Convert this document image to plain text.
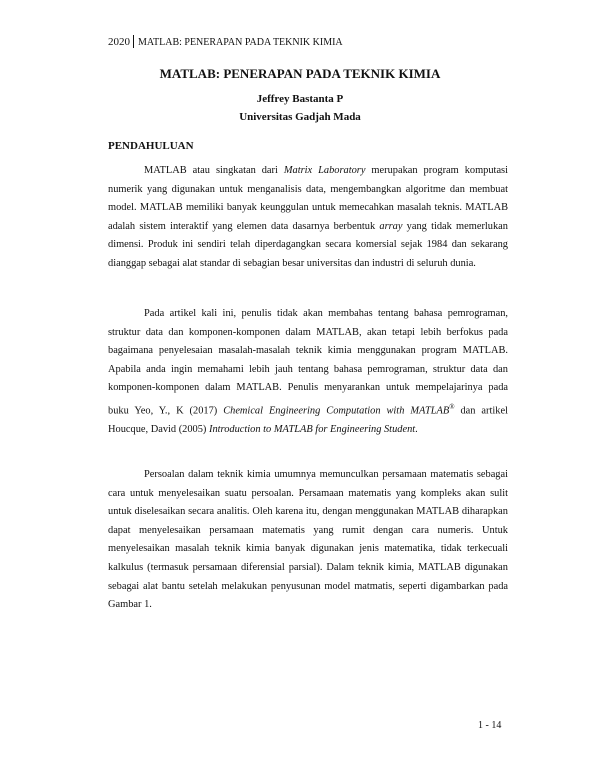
2020 MATLAB: PENERAPAN PADA TEKNIK KIMIA
MATLAB: PENERAPAN PADA TEKNIK KIMIA
Jeffrey Bastanta P
Universitas Gadjah Mada
PENDAHULUAN

MATLAB atau singkatan dari Matrix Laboratory merupakan program komputasi numerik yang digunakan untuk menganalisis data, mengembangkan algoritme dan membuat model. MATLAB memiliki banyak keunggulan untuk memecahkan masalah teknis. MATLAB adalah sistem interaktif yang elemen data dasarnya berbentuk array yang tidak memerlukan dimensi. Produk ini sendiri telah diperdagangkan secara komersial sejak 1984 dan sekarang dianggap sebagai alat standar di sebagian besar universitas dan industri di seluruh dunia.

Pada artikel kali ini, penulis tidak akan membahas tentang bahasa pemrograman, struktur data dan komponen-komponen dalam MATLAB, akan tetapi lebih berfokus pada bagaimana penyelesaian masalah-masalah teknik kimia menggunakan program MATLAB. Apabila anda ingin memahami lebih jauh tentang bahasa pemrograman, struktur data dan komponen-komponen dalam MATLAB. Penulis menyarankan untuk mempelajarinya pada buku Yeo, Y., K (2017) Chemical Engineering Computation with MATLAB® dan artikel Houcque, David (2005) Introduction to MATLAB for Engineering Student.

Persoalan dalam teknik kimia umumnya memunculkan persamaan matematis sebagai cara untuk menyelesaikan suatu persoalan. Persamaan matematis yang kompleks akan sulit untuk diselesaikan secara analitis. Oleh karena itu, dengan menggunakan MATLAB diharapkan dapat menyelesaikan persamaan matematis yang rumit dengan cara numeris. Untuk menyelesaikan masalah teknik kimia banyak digunakan jenis matematika, tidak terkecuali kalkulus (termasuk persamaan diferensial parsial). Dalam teknik kimia, MATLAB digunakan sebagai alat bantu setelah melakukan penyusunan model matmatis, seperti digambarkan pada Gambar 1.

1 - 14
